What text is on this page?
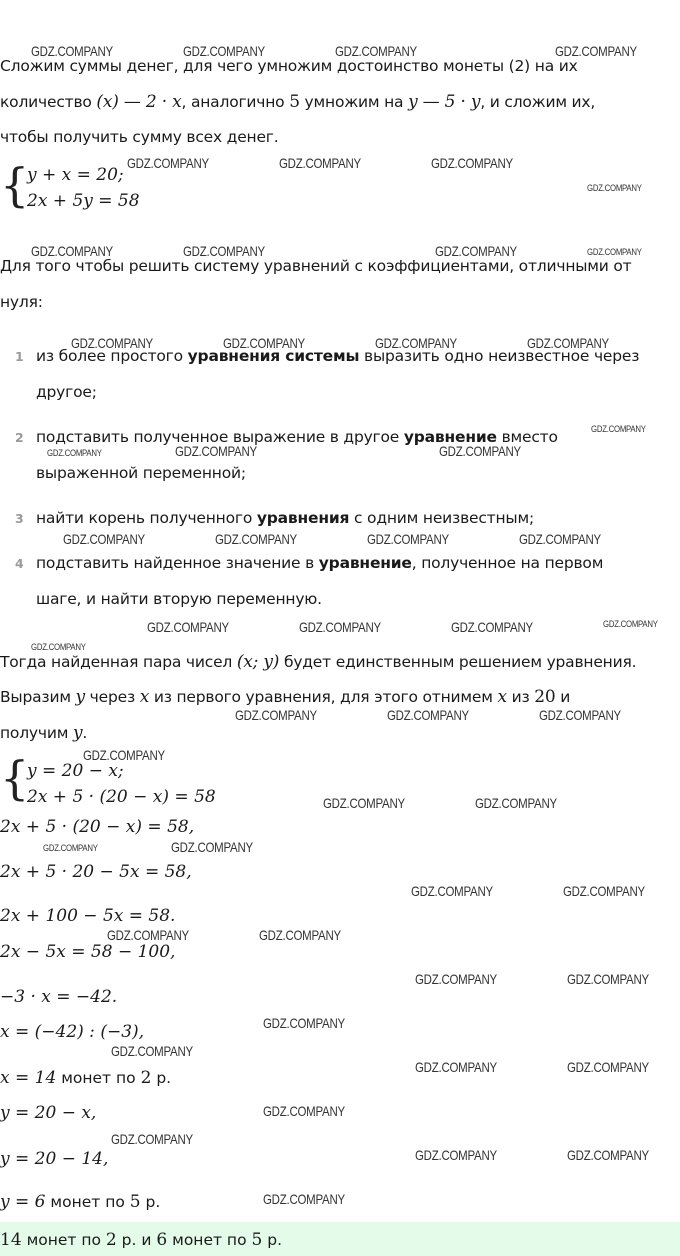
Сложим суммы денег, для чего умножим достоинство монеты (2) на их
количество (x) — 2 · x, аналогично 5 умножим на y — 5 · y, и сложим их,
чтобы получить сумму всех денег.
{
y + x = 20;
2x + 5y = 58
Для того чтобы решить систему уравнений с коэффициентами, отличными от
нуля:
1 из более простого уравнения системы выразить одно неизвестное через
другое;
2 подставить полученное выражение в другое уравнение вместо
выраженной переменной;
3 найти корень полученного уравнения с одним неизвестным;
4 подставить найденное значение в уравнение, полученное на первом
шаге, и найти вторую переменную.
Тогда найденная пара чисел (x; y) будет единственным решением уравнения.
Выразим y через x из первого уравнения, для этого отнимем x из 20 и
получим y.
{
y = 20 − x;
2x + 5 · (20 − x) = 58
2x + 5 · (20 − x) = 58,
2x + 5 · 20 − 5x = 58,
2x + 100 − 5x = 58.
2x − 5x = 58 − 100,
−3 · x = −42.
x = (−42) : (−3),
x = 14 монет по 2 р.
y = 20 − x,
y = 20 − 14,
y = 6 монет по 5 р.
14 монет по 2 р. и 6 монет по 5 р.
GDZ.COMPANY	GDZ.COMPANY	GDZ.COMPANY	GDZ.COMPANY
GDZ.COMPANY	GDZ.COMPANY	GDZ.COMPANY
GDZ.COMPANY
GDZ.COMPANY	GDZ.COMPANY	GDZ.COMPANY	GDZ.COMPANY
GDZ.COMPANY	GDZ.COMPANY	GDZ.COMPANY	GDZ.COMPANY
GDZ.COMPANY
GDZ.COMPANY	GDZ.COMPANY	GDZ.COMPANY
GDZ.COMPANY	GDZ.COMPANY	GDZ.COMPANY	GDZ.COMPANY
GDZ.COMPANY	GDZ.COMPANY	GDZ.COMPANY	GDZ.COMPANY
GDZ.COMPANY
GDZ.COMPANY	GDZ.COMPANY	GDZ.COMPANY
GDZ.COMPANY
GDZ.COMPANY	GDZ.COMPANY
GDZ.COMPANY	GDZ.COMPANY
GDZ.COMPANY	GDZ.COMPANY
GDZ.COMPANY	GDZ.COMPANY
GDZ.COMPANY	GDZ.COMPANY
GDZ.COMPANY
GDZ.COMPANY
GDZ.COMPANY	GDZ.COMPANY
GDZ.COMPANY
GDZ.COMPANY
GDZ.COMPANY	GDZ.COMPANY
GDZ.COMPANY
